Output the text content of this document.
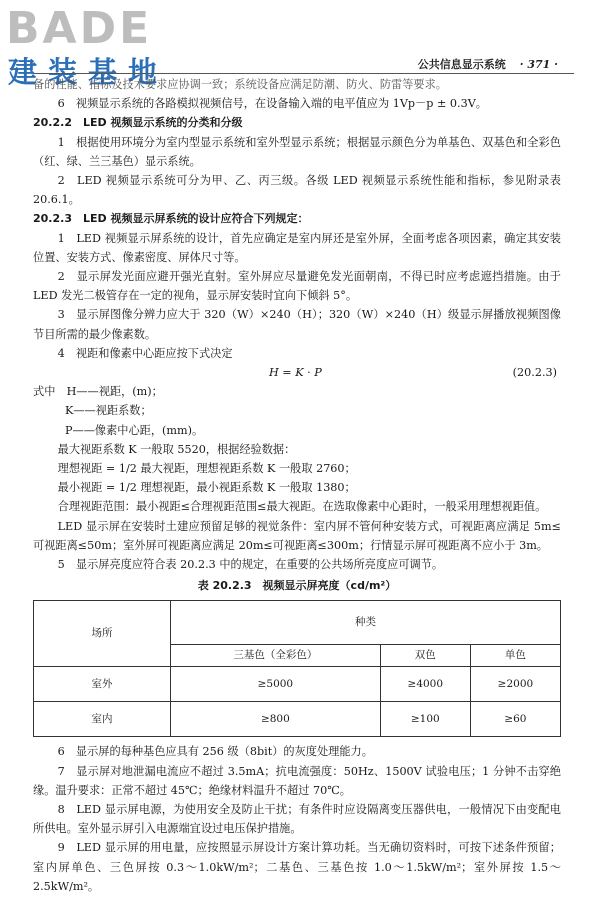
BADE
建装基地	公共信息显示系统 · 371 ·

备的性能、指标及技术要求应协调一致；系统设备应满足防潮、防火、防雷等要求。

6　视频显示系统的各路模拟视频信号，在设备输入端的电平值应为 1Vp－p ± 0.3V。

20.2.2　LED 视频显示系统的分类和分级

1　根据使用环境分为室内型显示系统和室外型显示系统；根据显示颜色分为单基色、双基色和全彩色（红、绿、兰三基色）显示系统。

2　LED 视频显示系统可分为甲、乙、丙三级。各级 LED 视频显示系统性能和指标，参见附录表 20.6.1。

20.2.3　LED 视频显示屏系统的设计应符合下列规定：

1　LED 视频显示屏系统的设计，首先应确定是室内屏还是室外屏，全面考虑各项因素，确定其安装位置、安装方式、像素密度、屏体尺寸等。

2　显示屏发光面应避开强光直射。室外屏应尽量避免发光面朝南，不得已时应考虑遮挡措施。由于 LED 发光二极管存在一定的视角，显示屏安装时宜向下倾斜 5°。

3　显示屏图像分辨力应大于 320（W）×240（H）；320（W）×240（H）级显示屏播放视频图像节目所需的最少像素数。

4　视距和像素中心距应按下式决定

H = K · P	(20.2.3)
式中　 H——视距，(m)；
K——视距系数；
P——像素中心距，(mm)。

最大视距系数 K 一般取 5520，根据经验数据：

理想视距 = 1/2 最大视距，理想视距系数 K 一般取 2760；

最小视距 = 1/2 理想视距，最小视距系数 K 一般取 1380；

合理视距范围：最小视距≤合理视距范围≤最大视距。在选取像素中心距时，一般采用理想视距值。

LED 显示屏在安装时土建应预留足够的视觉条件：室内屏不管何种安装方式，可视距离应满足 5m≤可视距离≤50m；室外屏可视距离应满足 20m≤可视距离≤300m；行情显示屏可视距离不应小于 3m。

5　显示屏亮度应符合表 20.2.3 中的规定，在重要的公共场所亮度应可调节。

表 20.2.3　视频显示屏亮度（cd/m²）
场所	种类		
	三基色（全彩色）	双色	单色
室外	≥5000	≥4000	≥2000
室内	≥800	≥100	≥60

6　显示屏的每种基色应具有 256 级（8bit）的灰度处理能力。

7　显示屏对地泄漏电流应不超过 3.5mA；抗电流强度：50Hz、1500V 试验电压；1 分钟不击穿绝缘。温升要求：正常不超过 45℃；绝缘材料温升不超过 70℃。

8　LED 显示屏电源，为使用安全及防止干扰；有条件时应设隔离变压器供电，一般情况下由变配电所供电。室外显示屏引入电源端宜设过电压保护措施。

9　LED 显示屏的用电量，应按照显示屏设计方案计算功耗。当无确切资料时，可按下述条件预留；室内屏单色、三色屏按 0.3～1.0kW/m²；二基色、三基色按 1.0～1.5kW/m²；室外屏按 1.5～2.5kW/m²。
